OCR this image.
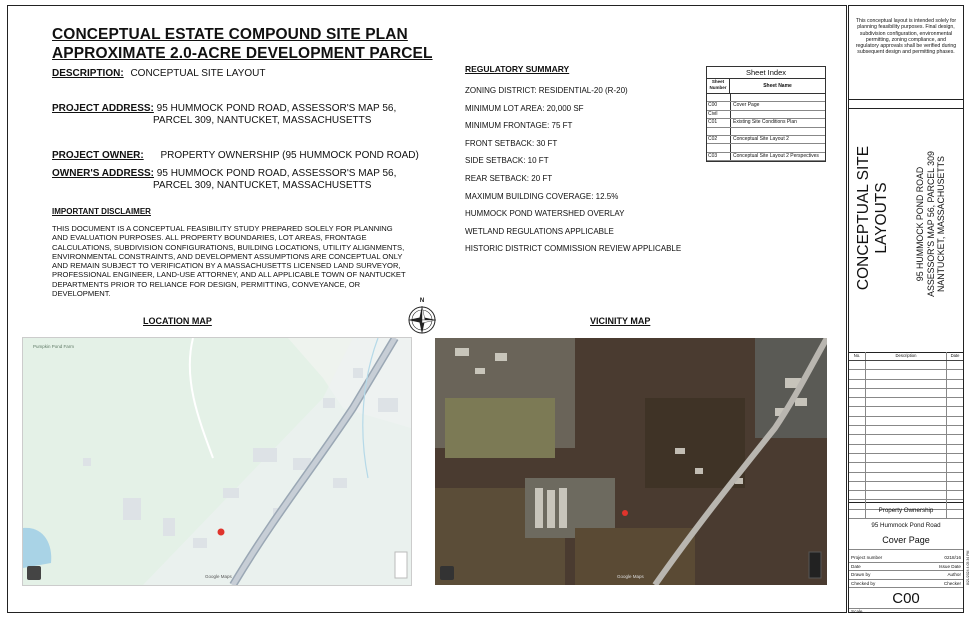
CONCEPTUAL ESTATE COMPOUND SITE PLAN
APPROXIMATE 2.0-ACRE DEVELOPMENT PARCEL
DESCRIPTION: CONCEPTUAL SITE LAYOUT
PROJECT ADDRESS: 95 HUMMOCK POND ROAD, ASSESSOR'S MAP 56,
PARCEL 309, NANTUCKET, MASSACHUSETTS
PROJECT OWNER: PROPERTY OWNERSHIP (95 HUMMOCK POND ROAD)
OWNER'S ADDRESS: 95 HUMMOCK POND ROAD, ASSESSOR'S MAP 56,
PARCEL 309, NANTUCKET, MASSACHUSETTS
IMPORTANT DISCLAIMER
THIS DOCUMENT IS A CONCEPTUAL FEASIBILITY STUDY PREPARED SOLELY FOR PLANNING AND EVALUATION PURPOSES. ALL PROPERTY BOUNDARIES, LOT AREAS, FRONTAGE CALCULATIONS, SUBDIVISION CONFIGURATIONS, BUILDING LOCATIONS, UTILITY ALIGNMENTS, ENVIRONMENTAL CONSTRAINTS, AND DEVELOPMENT ASSUMPTIONS ARE CONCEPTUAL ONLY AND REMAIN SUBJECT TO VERIFICATION BY A MASSACHUSETTS LICENSED LAND SURVEYOR, PROFESSIONAL ENGINEER, LAND-USE ATTORNEY, AND ALL APPLICABLE TOWN OF NANTUCKET DEPARTMENTS PRIOR TO RELIANCE FOR DESIGN, PERMITTING, CONVEYANCE, OR DEVELOPMENT.
REGULATORY SUMMARY
ZONING DISTRICT: RESIDENTIAL-20 (R-20)
MINIMUM LOT AREA: 20,000 SF
MINIMUM FRONTAGE: 75 FT
FRONT SETBACK: 30 FT
SIDE SETBACK: 10 FT
REAR SETBACK: 20 FT
MAXIMUM BUILDING COVERAGE: 12.5%
HUMMOCK POND WATERSHED OVERLAY
WETLAND REGULATIONS APPLICABLE
HISTORIC DISTRICT COMMISSION REVIEW APPLICABLE
Sheet Index
Sheet Number	Sheet Name
C00	Cover Page
Civil
C01	Existing Site Conditions Plan
C02	Conceptual Site Layout 2
C03	Conceptual Site Layout 2 Perspectives
LOCATION MAP	VICINITY MAP
N
Pumpkin Pond Farm
Google Maps	Google Maps
This conceptual layout is intended solely for planning feasibility purposes. Final design, subdivision configuration, environmental permitting, zoning compliance, and regulatory approvals shall be verified during subsequent design and permitting phases.
CONCEPTUAL SITE LAYOUTS	95 HUMMOCK POND ROAD ASSESSOR'S MAP 56, PARCEL 309 NANTUCKET, MASSACHUSETTS
No.	Description	Date
Property Ownership
95 Hummock Pond Road
Cover Page
Project number	0218/16
Date	Issue Date
Drawn by	Author
Checked by	Checker
C00
Scale
8/21/2024 4:05:34 PM
